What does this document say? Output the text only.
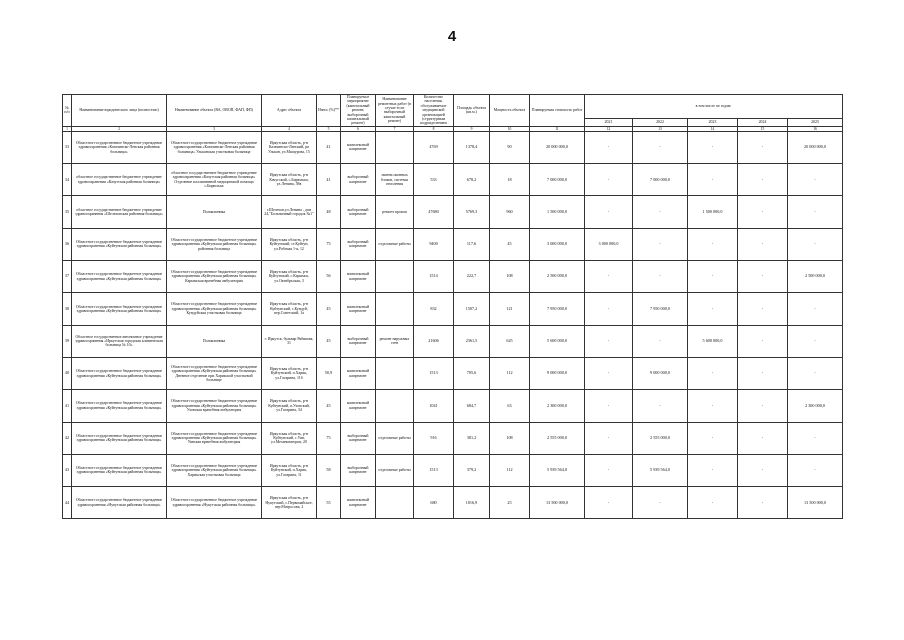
4
№ п/п	Наименование юридического лица (полностью)	Наименование объекта (ВА, ОВОП, ФАП, ФП)	Адрес объекта	Износ (%)**	Планируемое мероприятие (капитальный ремонт, выборочный капитальный ремонт)	Наименование ремонтных работ (в случае если выборочный капитальный ремонт)	Количество населения, обслуживаемое медицинской организацией (структурным подразделением	Площадь объекта (кв.м.)	Мощность объекта	Планируемая стоимость работ	в том числе по годам:				
											2021	2022	2023	2024	2025
1	2	3	4	5	6	7	8	9	10	11	12	13	14	15	16
33	Областное государственное бюджетное учреждение здравоохранения «Казачинско-Ленская районная больница»	Областное государственное бюджетное учреждение здравоохранения «Казачинско-Ленская районная больница» Ульканская участковая больница	Иркутская область, р-н Казачинско-Ленский, рп Улькан, ул.Машурова, 15	41	комплексный капремонт		4769	1378,4	90	20 000 000,0	-	-	-	-	20 000 000,0
34	областное государственное бюджетное учреждение здравоохранения «Качугская районная больница»	областное государственное бюджетное учреждение здравоохранения «Качугская районная больница» Отделение паллиативной медицинской помощи с.Бирюлька	Иркутская область, р-н Качугский, с.Бирюлька, ул.Ленина, 58в	41	выборочный капремонт	замена оконных блоков, системы отопления	533	678,2	18	7 000 000,0	-	7 000 000,0	-	-	-
35	областное государственное бюджетное учреждение здравоохранения «Шелеховская районная больница»	Поликлиника	г.Шелехов,ул.Ленина , дом 24,"Больничный городок №1"	48	выборочный капремонт	ремонт кровли	47680	5769,3	960	1 500 000,0	-	-	1 500 000,0	-	-
36	Областное государственное бюджетное учреждение здравоохранения «Куйтунская районная больница»	Областное государственное бюджетное учреждение здравоохранения «Куйтунская районная больница» районная больница	Иркутская область, р-н Куйтунский, ст.Куйтун, ул.Рабочая 1-я, 12	75	выборочный капремонт	отделочные работы	9400	117,6	45	3 000 000,0	3 000 000,0	-	-	-	-
37	Областное государственное бюджетное учреждение здравоохранения «Куйтунская районная больница»	Областное государственное бюджетное учреждение здравоохранения «Куйтунская районная больница» Карымская врачебная амбулатория	Иркутская область, р-н Куйтунский, с.Карымск, ул.Октябрьская, 3	56	комплексный капремонт		1514	222,7	108	2 500 000,0	-	-	-	-	2 500 000,0
38	Областное государственное бюджетное учреждение здравоохранения «Куйтунская районная больница»	Областное государственное бюджетное учреждение здравоохранения «Куйтунская районная больница» Кундуйская участковая больница	Иркутская область, р-н Куйтунский, с.Кундуй, пер.Советский, 1а	45	комплексный капремонт		832	1507,2	121	7 950 000,0	-	7 950 000,0	-	-	-
39	Областное государственное автономное учреждение здравоохранения «Иркутская городская клиническая больница № 10»	Поликлиника	г. Иркутск, бульвар Рябикова, 31	45	выборочный капремонт	ремонт наружных стен	21606	2361,5	625	5 600 000,0	-	-	5 600 000,0	-	-
40	Областное государственное бюджетное учреждение здравоохранения «Куйтунская районная больница»	Областное государственное бюджетное учреждение здравоохранения «Куйтунская районная больница» Дневное отделение при Харикской участковой больнице	Иркутская область, р-н Куйтунский, п.Харик, ул.Гагарина, 11б	50,9	комплексный капремонт		1513	705,6	112	9 000 000,0	-	9 000 000,0	-	-	-
41	Областное государственное бюджетное учреждение здравоохранения «Куйтунская районная больница»	Областное государственное бюджетное учреждение здравоохранения «Куйтунская районная больница» Уховская врачебная амбулатория	Иркутская область, р-н Куйтунский, п.Уховский, ул.Гагарина, 34	45	комплексный капремонт		1041	684,7	63	2 300 000,0	-	-	-	-	2 300 000,0
42	Областное государственное бюджетное учреждение здравоохранения «Куйтунская районная больница»	Областное государственное бюджетное учреждение здравоохранения «Куйтунская районная больница» Уянская врачебная амбулатория	Иркутская область, р-н Куйтунский, с.Уян, ул.Механизаторов, 20	75	выборочный капремонт	отделочные работы	916	381,2	108	2 555 000,0	-	2 555 000,0	-	-	-
43	Областное государственное бюджетное учреждение здравоохранения «Куйтунская районная больница»	Областное государственное бюджетное учреждение здравоохранения «Куйтунская районная больница» Харикская участковая больница	Иркутская область, р-н Куйтунский, п.Харик, ул.Гагарина, 11	58	выборочный капремонт	отделочные работы	1513	379,2	112	5 939 564,0	-	5 939 564,0	-	-	-
44	Областное государственное бюджетное учреждение здравоохранения «Нукутская районная больница»	Областное государственное бюджетное учреждение здравоохранения «Нукутская районная больница»	Иркутская область, р-н Нукутский, с.Первомайское, пер.Матросова, 2	55	комплексный капремонт		680	1016,9	25	13 500 000,0	-	-	-	-	13 500 000,0
